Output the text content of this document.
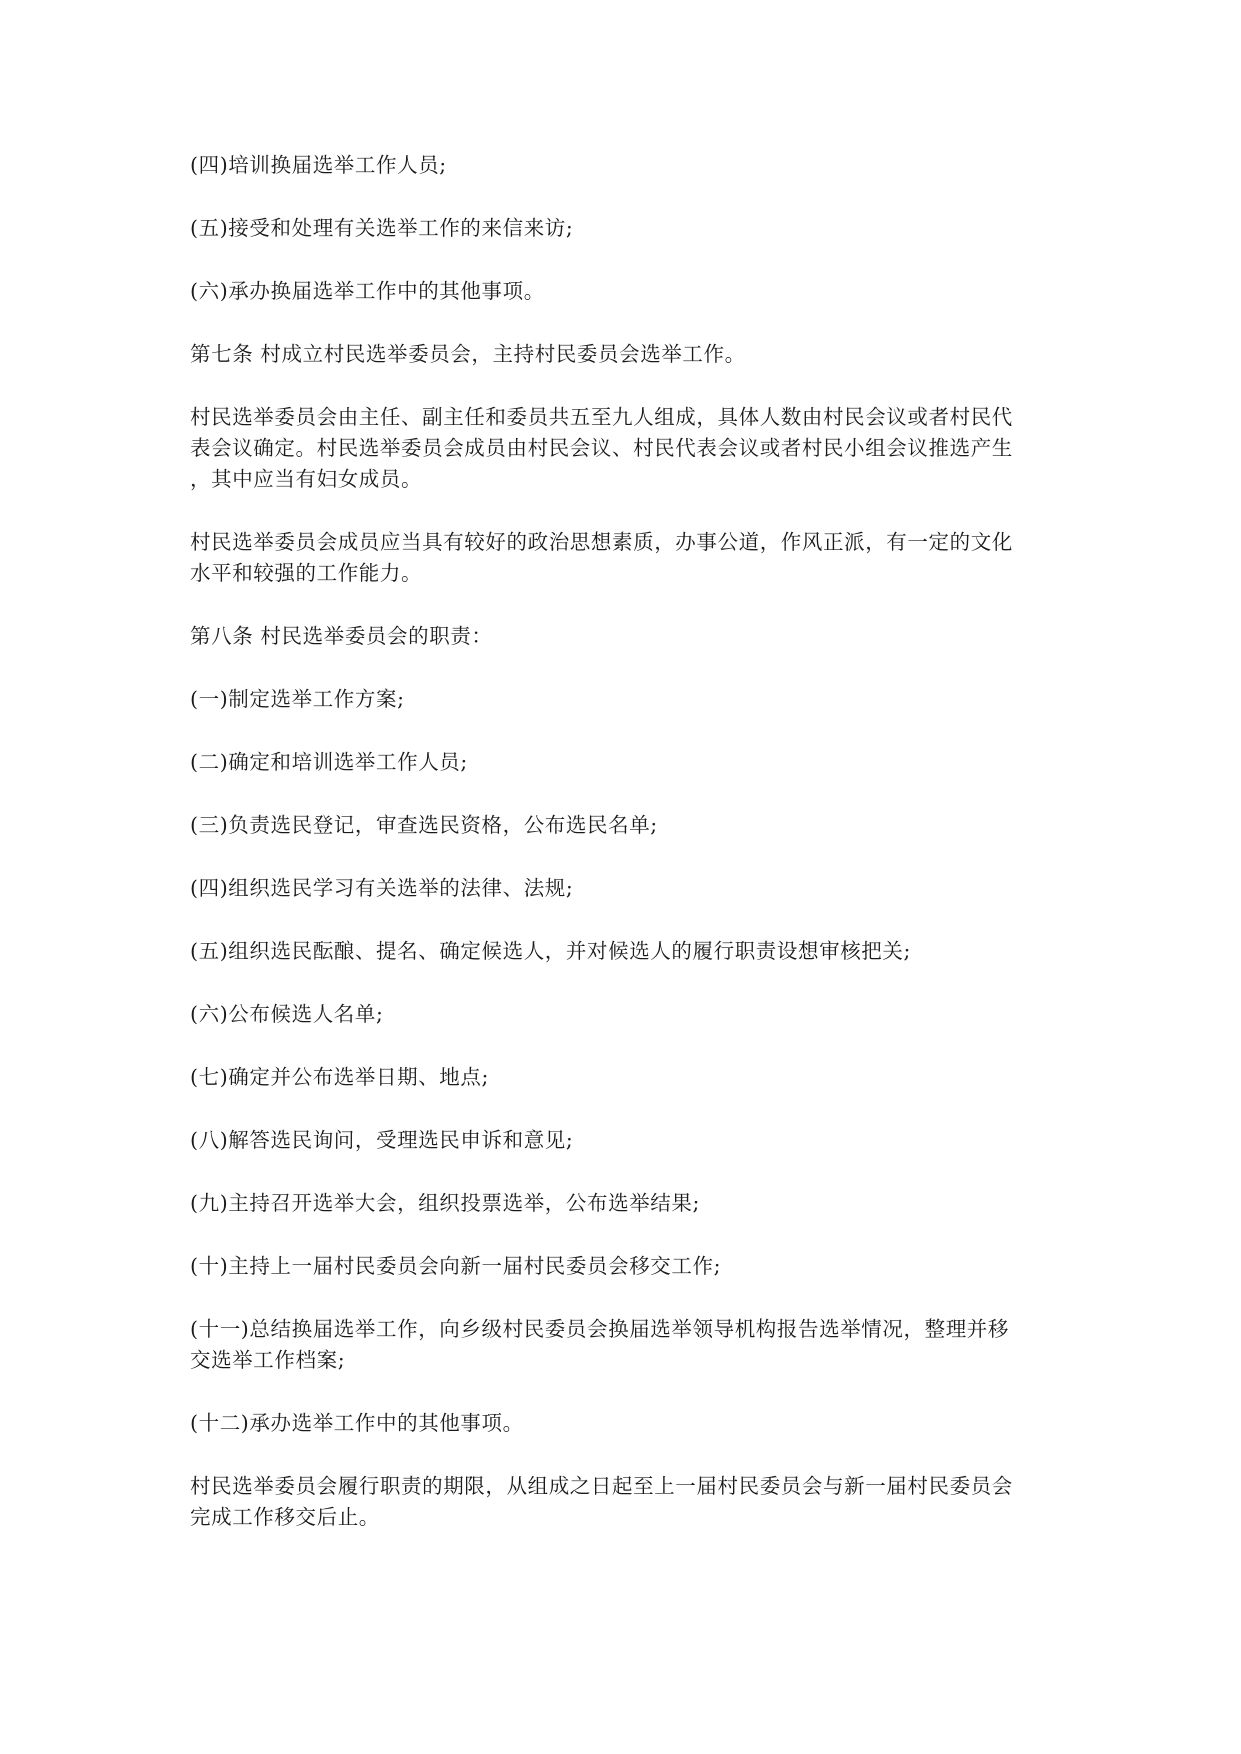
(四)培训换届选举工作人员;

(五)接受和处理有关选举工作的来信来访;

(六)承办换届选举工作中的其他事项。

第七条 村成立村民选举委员会，主持村民委员会选举工作。

村民选举委员会由主任、副主任和委员共五至九人组成，具体人数由村民会议或者村民代
表会议确定。村民选举委员会成员由村民会议、村民代表会议或者村民小组会议推选产生
，其中应当有妇女成员。

村民选举委员会成员应当具有较好的政治思想素质，办事公道，作风正派，有一定的文化
水平和较强的工作能力。

第八条 村民选举委员会的职责：

(一)制定选举工作方案;

(二)确定和培训选举工作人员;

(三)负责选民登记，审查选民资格，公布选民名单;

(四)组织选民学习有关选举的法律、法规;

(五)组织选民酝酿、提名、确定候选人，并对候选人的履行职责设想审核把关;

(六)公布候选人名单;

(七)确定并公布选举日期、地点;

(八)解答选民询问，受理选民申诉和意见;

(九)主持召开选举大会，组织投票选举，公布选举结果;

(十)主持上一届村民委员会向新一届村民委员会移交工作;

(十一)总结换届选举工作，向乡级村民委员会换届选举领导机构报告选举情况，整理并移
交选举工作档案;

(十二)承办选举工作中的其他事项。

村民选举委员会履行职责的期限，从组成之日起至上一届村民委员会与新一届村民委员会
完成工作移交后止。
